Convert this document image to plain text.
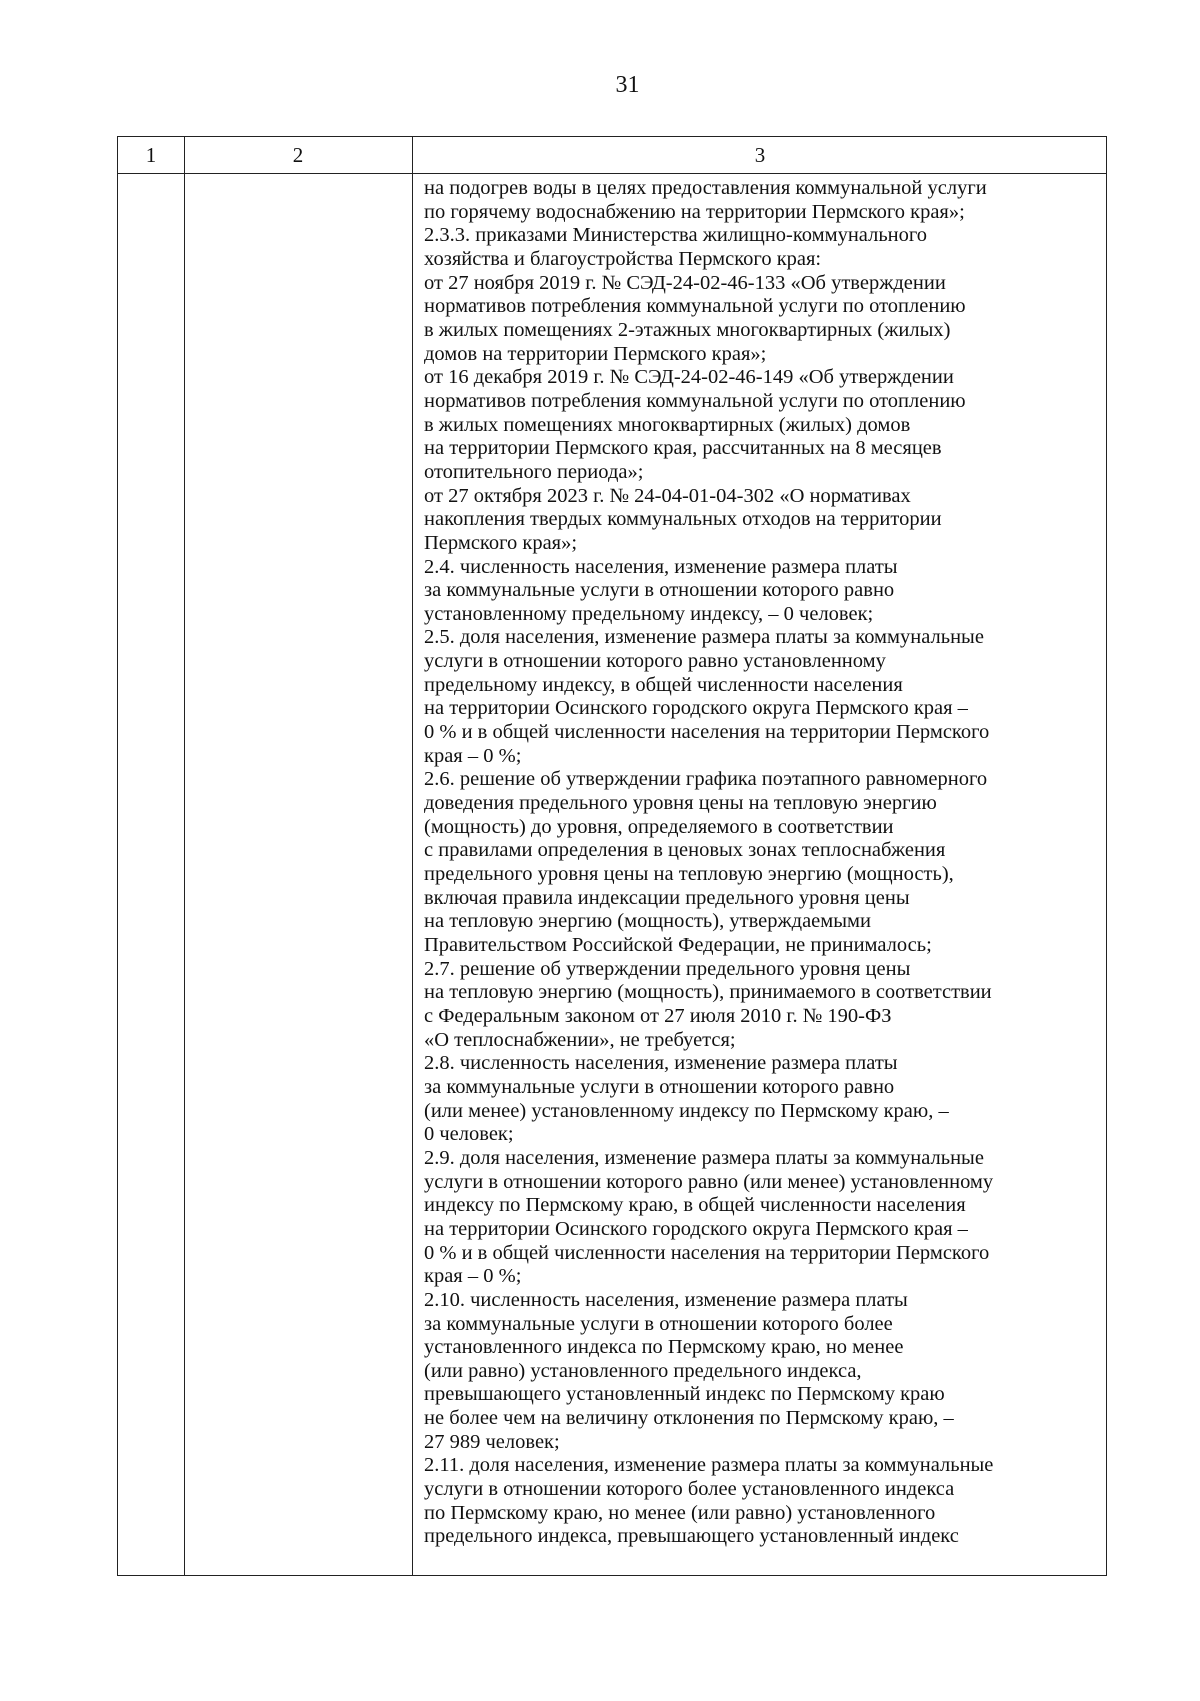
31
1	2	3
на подогрев воды в целях предоставления коммунальной услуги
по горячему водоснабжению на территории Пермского края»;
2.3.3. приказами Министерства жилищно-коммунального
хозяйства и благоустройства Пермского края:
от 27 ноября 2019 г. № СЭД-24-02-46-133 «Об утверждении
нормативов потребления коммунальной услуги по отоплению
в жилых помещениях 2-этажных многоквартирных (жилых)
домов на территории Пермского края»;
от 16 декабря 2019 г. № СЭД-24-02-46-149 «Об утверждении
нормативов потребления коммунальной услуги по отоплению
в жилых помещениях многоквартирных (жилых) домов
на территории Пермского края, рассчитанных на 8 месяцев
отопительного периода»;
от 27 октября 2023 г. № 24-04-01-04-302 «О нормативах
накопления твердых коммунальных отходов на территории
Пермского края»;
2.4. численность населения, изменение размера платы
за коммунальные услуги в отношении которого равно
установленному предельному индексу, – 0 человек;
2.5. доля населения, изменение размера платы за коммунальные
услуги в отношении которого равно установленному
предельному индексу, в общей численности населения
на территории Осинского городского округа Пермского края –
0 % и в общей численности населения на территории Пермского
края – 0 %;
2.6. решение об утверждении графика поэтапного равномерного
доведения предельного уровня цены на тепловую энергию
(мощность) до уровня, определяемого в соответствии
с правилами определения в ценовых зонах теплоснабжения
предельного уровня цены на тепловую энергию (мощность),
включая правила индексации предельного уровня цены
на тепловую энергию (мощность), утверждаемыми
Правительством Российской Федерации, не принималось;
2.7. решение об утверждении предельного уровня цены
на тепловую энергию (мощность), принимаемого в соответствии
с Федеральным законом от 27 июля 2010 г. № 190-ФЗ
«О теплоснабжении», не требуется;
2.8. численность населения, изменение размера платы
за коммунальные услуги в отношении которого равно
(или менее) установленному индексу по Пермскому краю, –
0 человек;
2.9. доля населения, изменение размера платы за коммунальные
услуги в отношении которого равно (или менее) установленному
индексу по Пермскому краю, в общей численности населения
на территории Осинского городского округа Пермского края –
0 % и в общей численности населения на территории Пермского
края – 0 %;
2.10. численность населения, изменение размера платы
за коммунальные услуги в отношении которого более
установленного индекса по Пермскому краю, но менее
(или равно) установленного предельного индекса,
превышающего установленный индекс по Пермскому краю
не более чем на величину отклонения по Пермскому краю, –
27 989 человек;
2.11. доля населения, изменение размера платы за коммунальные
услуги в отношении которого более установленного индекса
по Пермскому краю, но менее (или равно) установленного
предельного индекса, превышающего установленный индекс
